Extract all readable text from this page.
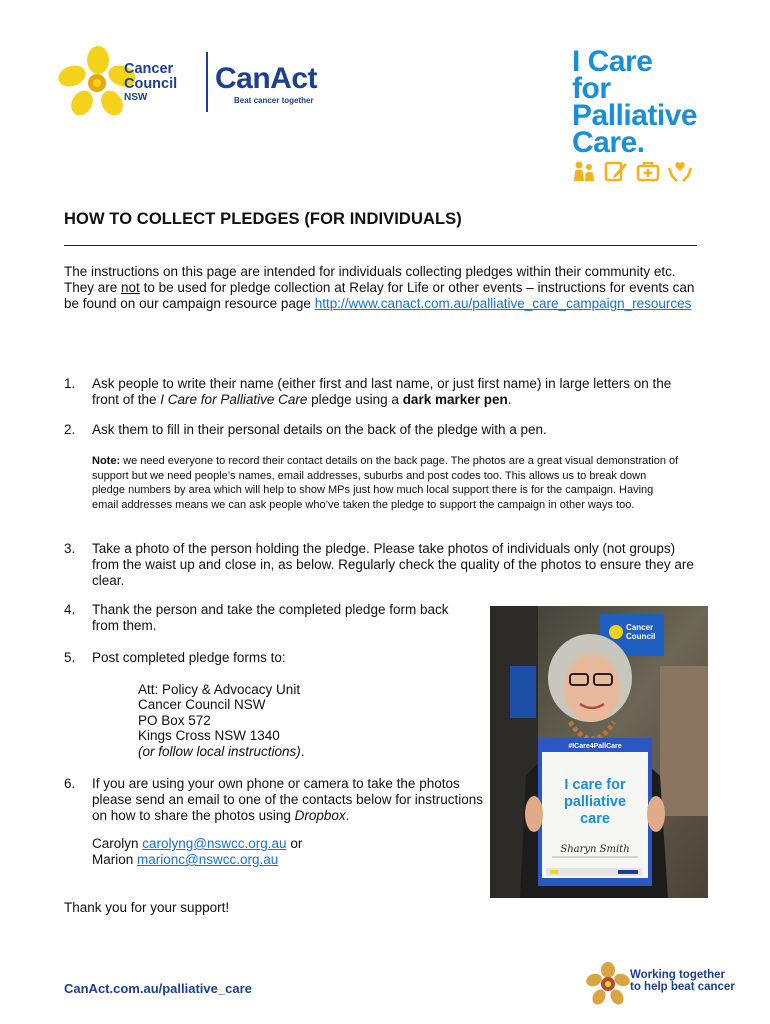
Cancer
Council
NSW
CanAct
Beat cancer together
I Care
for
Palliative
Care.
HOW TO COLLECT PLEDGES (FOR INDIVIDUALS)
The instructions on this page are intended for individuals collecting pledges within their community etc. They are not to be used for pledge collection at Relay for Life or other events – instructions for events can be found on our campaign resource page http://www.canact.com.au/palliative_care_campaign_resources
1. Ask people to write their name (either first and last name, or just first name) in large letters on the front of the I Care for Palliative Care pledge using a dark marker pen.
2. Ask them to fill in their personal details on the back of the pledge with a pen.
Note: we need everyone to record their contact details on the back page. The photos are a great visual demonstration of support but we need people’s names, email addresses, suburbs and post codes too. This allows us to break down pledge numbers by area which will help to show MPs just how much local support there is for the campaign. Having email addresses means we can ask people who’ve taken the pledge to support the campaign in other ways too.
3. Take a photo of the person holding the pledge. Please take photos of individuals only (not groups) from the waist up and close in, as below. Regularly check the quality of the photos to ensure they are clear.
4. Thank the person and take the completed pledge form back from them.
5. Post completed pledge forms to:
Att: Policy & Advocacy Unit
Cancer Council NSW
PO Box 572
Kings Cross NSW 1340
(or follow local instructions).
6. If you are using your own phone or camera to take the photos please send an email to one of the contacts below for instructions on how to share the photos using Dropbox.
Carolyn carolyng@nswcc.org.au or
Marion marionc@nswcc.org.au
Thank you for your support!
Cancer
Council
#ICare4PallCare
I care for
palliative
care
Sharyn Smith
CanAct.com.au/palliative_care
Working together
to help beat cancer
